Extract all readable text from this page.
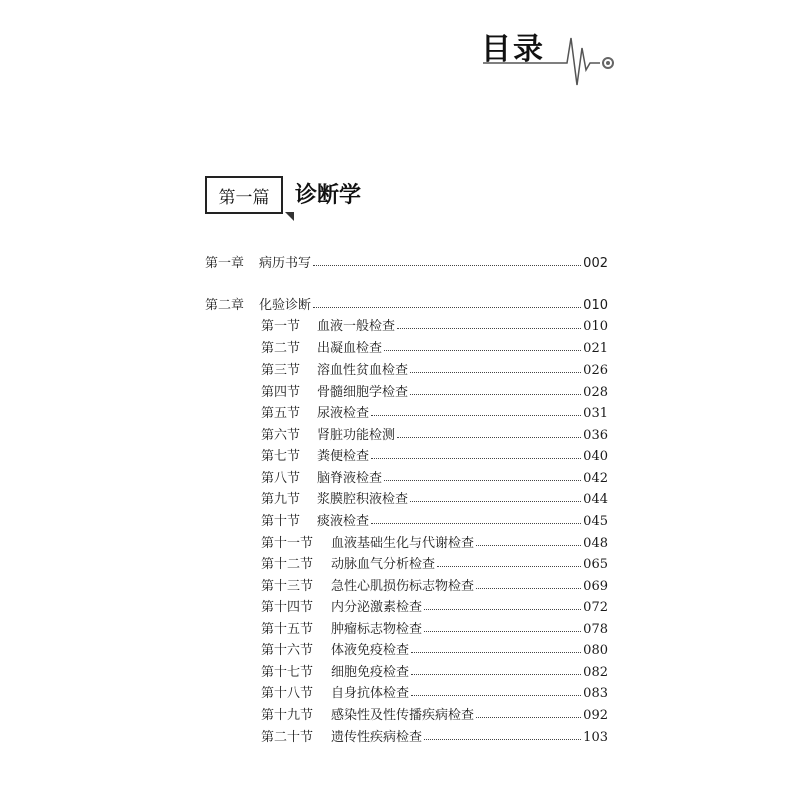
目录
第一篇	诊断学
第一章	病历书写	002
第二章	化验诊断	010
第一节	血液一般检查	010
第二节	出凝血检查	021
第三节	溶血性贫血检查	026
第四节	骨髓细胞学检查	028
第五节	尿液检查	031
第六节	肾脏功能检测	036
第七节	粪便检查	040
第八节	脑脊液检查	042
第九节	浆膜腔积液检查	044
第十节	痰液检查	045
第十一节	血液基础生化与代谢检查	048
第十二节	动脉血气分析检查	065
第十三节	急性心肌损伤标志物检查	069
第十四节	内分泌激素检查	072
第十五节	肿瘤标志物检查	078
第十六节	体液免疫检查	080
第十七节	细胞免疫检查	082
第十八节	自身抗体检查	083
第十九节	感染性及性传播疾病检查	092
第二十节	遗传性疾病检查	103
